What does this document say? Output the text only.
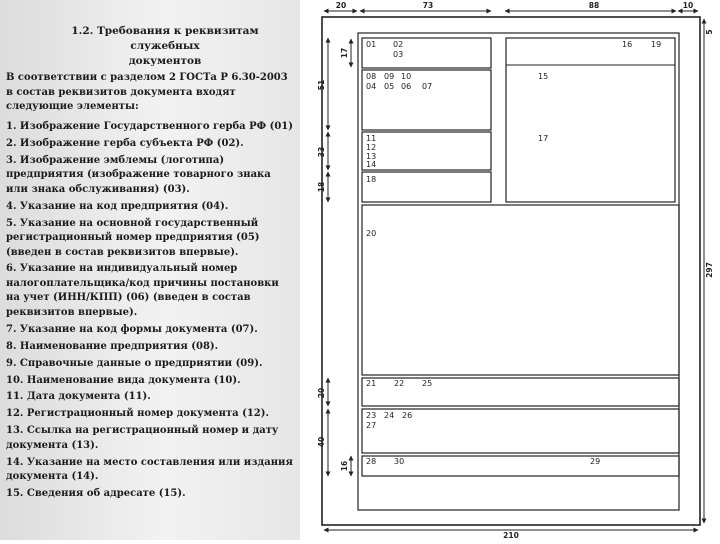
1.2. Требования к реквизитам служебных
документов
В соответствии с разделом 2 ГОСТа Р 6.30-2003 в состав реквизитов документа входят следующие элементы:
1. Изображение Государственного герба РФ (01)
2. Изображение герба субъекта РФ (02).
3. Изображение эмблемы (логотипа) предприятия (изображение товарного знака или знака обслуживания) (03).
4. Указание на код предприятия (04).
5. Указание на основной государственный регистрационный номер предприятия (05) (введен в состав реквизитов впервые).
6. Указание на индивидуальный номер налогоплательщика/код причины постановки на учет (ИНН/КПП) (06) (введен в состав реквизитов впервые).
7. Указание на код формы документа (07).
8. Наименование предприятия (08).
9. Справочные данные о предприятии (09).
10. Наименование вида документа (10).
11. Дата документа (11).
12. Регистрационный номер документа (12).
13. Ссылка на регистрационный номер и дату документа (13).
14. Указание на место составления или издания документа (14).
15. Сведения об адресате (15).
20	73	88	10
5
297
210
17
51
33
18
20
40
16
01 02
03
16 19
08 09 10
04 05 06 07
15
11
12
13
17
18
20
21 22 25
23 24 26
27
28 30	29
14
